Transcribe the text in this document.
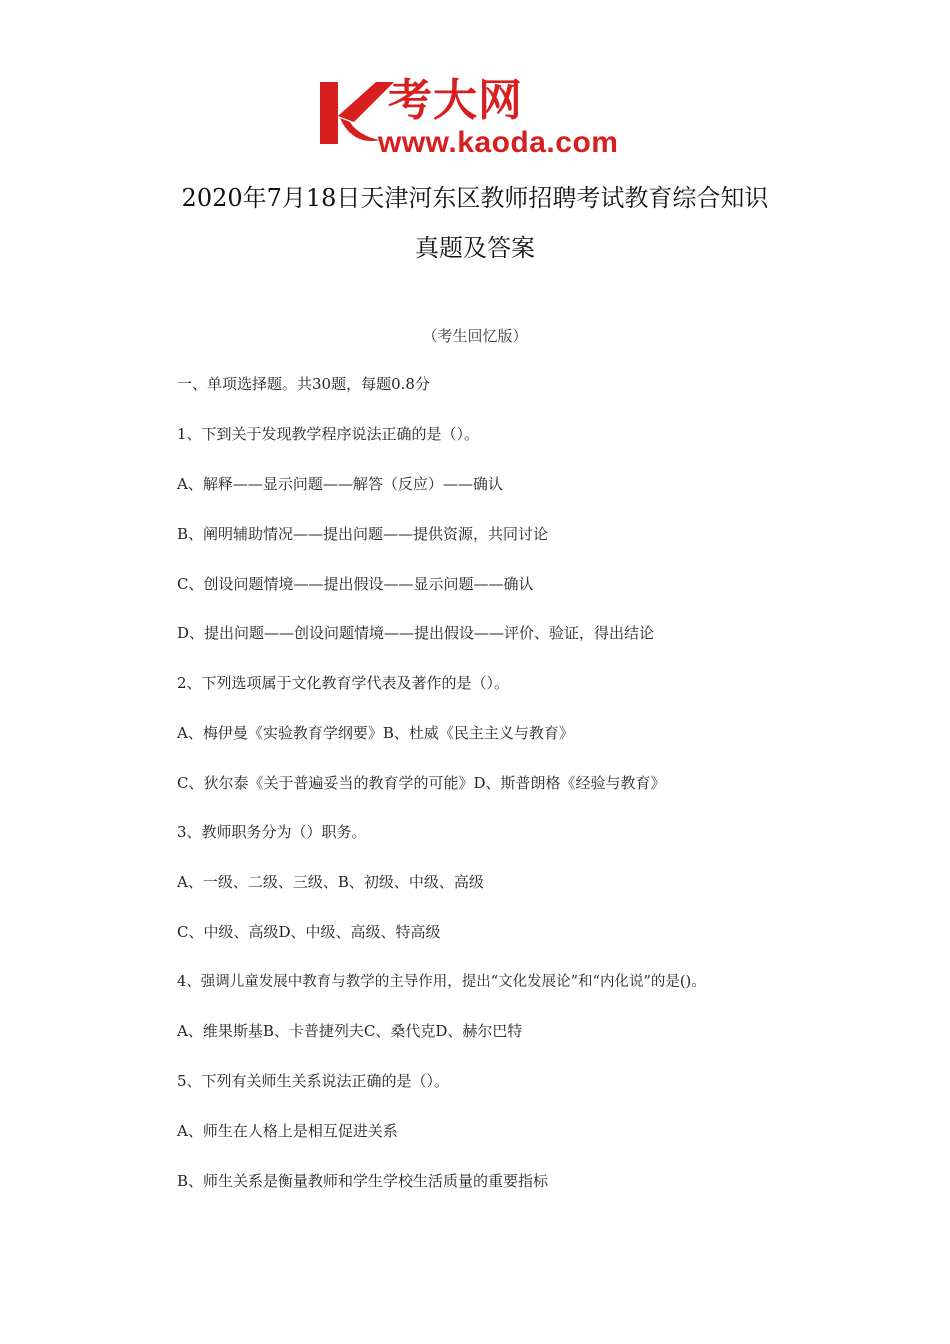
考大网
www.kaoda.com
2020年7月18日天津河东区教师招聘考试教育综合知识
真题及答案
（考生回忆版）
一、单项选择题。共30题，每题0.8分
1、下到关于发现教学程序说法正确的是（）。
A、解释——显示问题——解答（反应）——确认
B、阐明辅助情况——提出问题——提供资源，共同讨论
C、创设问题情境——提出假设——显示问题——确认
D、提出问题——创设问题情境——提出假设——评价、验证，得出结论
2、下列选项属于文化教育学代表及著作的是（）。
A、梅伊曼《实验教育学纲要》B、杜威《民主主义与教育》
C、狄尔泰《关于普遍妥当的教育学的可能》D、斯普朗格《经验与教育》
3、教师职务分为（）职务。
A、一级、二级、三级、B、初级、中级、高级
C、中级、高级D、中级、高级、特高级
4、强调儿童发展中教育与教学的主导作用，提出“文化发展论”和“内化说”的是()。
A、维果斯基B、卡普捷列夫C、桑代克D、赫尔巴特
5、下列有关师生关系说法正确的是（）。
A、师生在人格上是相互促进关系
B、师生关系是衡量教师和学生学校生活质量的重要指标
